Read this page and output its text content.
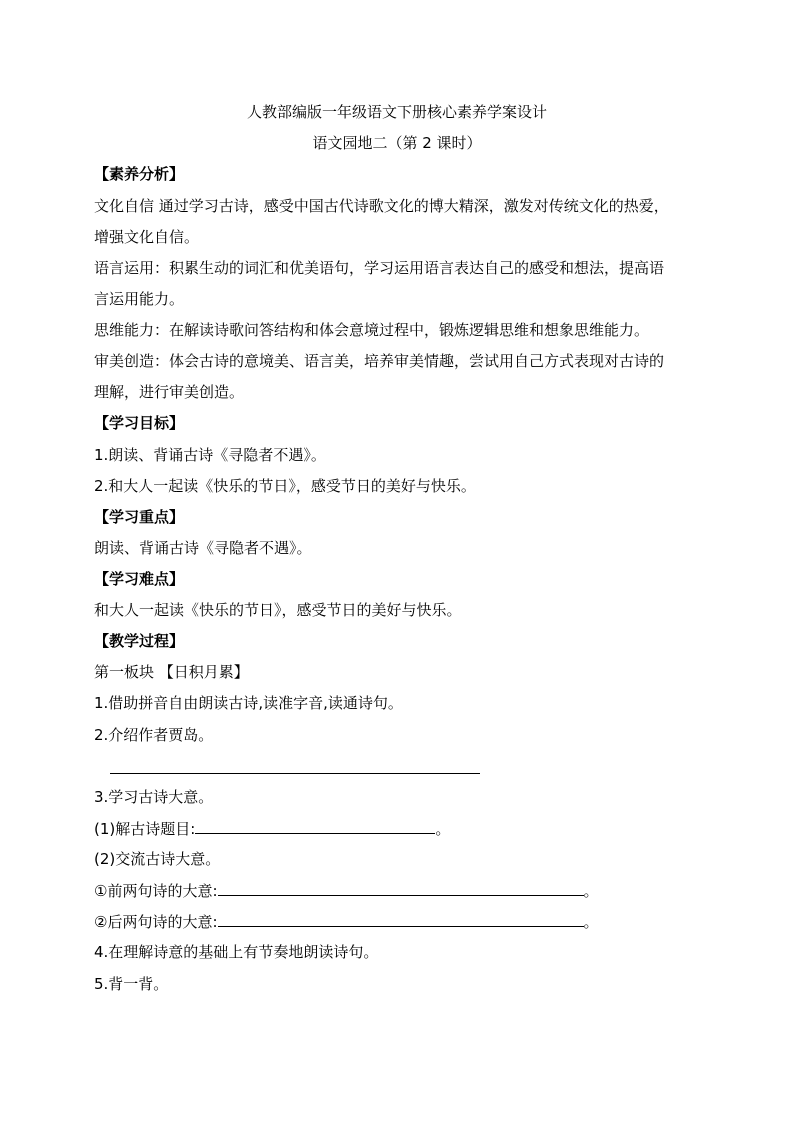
人教部编版一年级语文下册核心素养学案设计
语文园地二（第 2 课时）
【素养分析】
文化自信 通过学习古诗，感受中国古代诗歌文化的博大精深，激发对传统文化的热爱，
增强文化自信。
语言运用：积累生动的词汇和优美语句，学习运用语言表达自己的感受和想法，提高语
言运用能力。
思维能力：在解读诗歌问答结构和体会意境过程中，锻炼逻辑思维和想象思维能力。
审美创造：体会古诗的意境美、语言美，培养审美情趣，尝试用自己方式表现对古诗的
理解，进行审美创造。
【学习目标】
1.朗读、背诵古诗《寻隐者不遇》。
2.和大人一起读《快乐的节日》，感受节日的美好与快乐。
【学习重点】
朗读、背诵古诗《寻隐者不遇》。
【学习难点】
和大人一起读《快乐的节日》，感受节日的美好与快乐。
【教学过程】
第一板块 【日积月累】
1.借助拼音自由朗读古诗,读准字音,读通诗句。
2.介绍作者贾岛。
3.学习古诗大意。
(1)解古诗题目:	。
(2)交流古诗大意。
①前两句诗的大意:	。
②后两句诗的大意:	。
4.在理解诗意的基础上有节奏地朗读诗句。
5.背一背。
